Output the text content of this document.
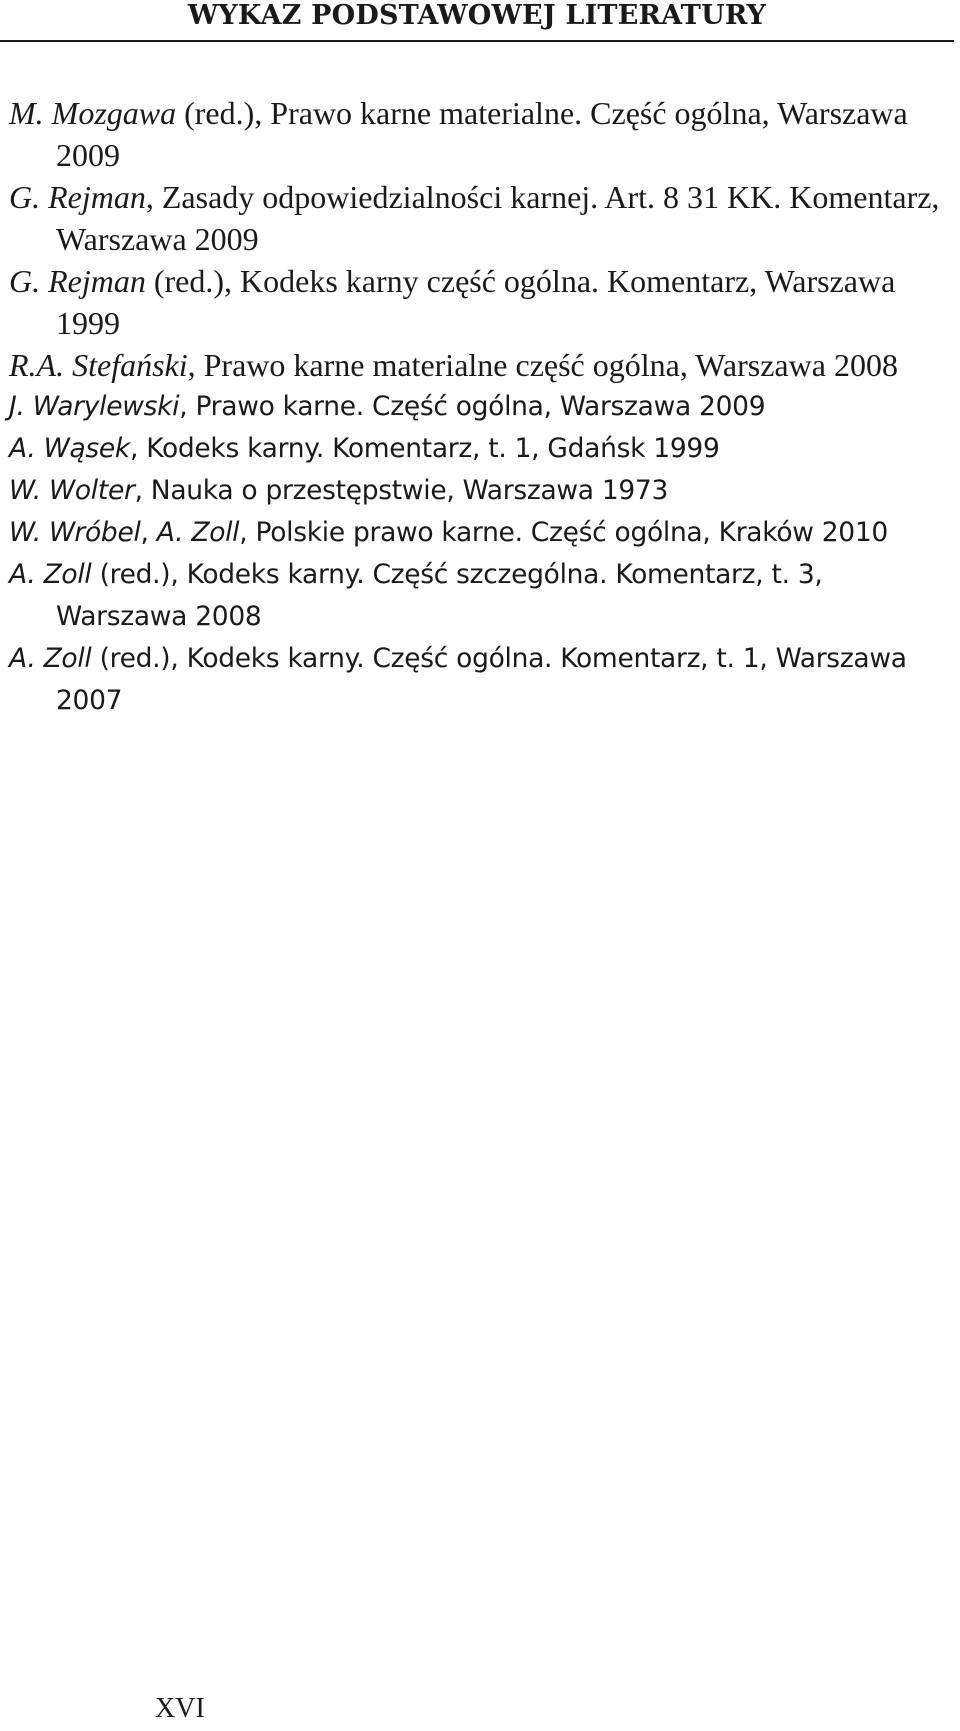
WYKAZ PODSTAWOWEJ LITERATURY
M. Mozgawa (red.), Prawo karne materialne. Część ogólna, Warszawa 2009
G. Rejman, Zasady odpowiedzialności karnej. Art. 8 31 KK. Komentarz, Warszawa 2009
G. Rejman (red.), Kodeks karny część ogólna. Komentarz, Warszawa 1999
R.A. Stefański, Prawo karne materialne część ogólna, Warszawa 2008
J. Warylewski, Prawo karne. Część ogólna, Warszawa 2009
A. Wąsek, Kodeks karny. Komentarz, t. 1, Gdańsk 1999
W. Wolter, Nauka o przestępstwie, Warszawa 1973
W. Wróbel, A. Zoll, Polskie prawo karne. Część ogólna, Kraków 2010
A. Zoll (red.), Kodeks karny. Część szczególna. Komentarz, t. 3, Warszawa 2008
A. Zoll (red.), Kodeks karny. Część ogólna. Komentarz, t. 1, Warszawa 2007
XVI
